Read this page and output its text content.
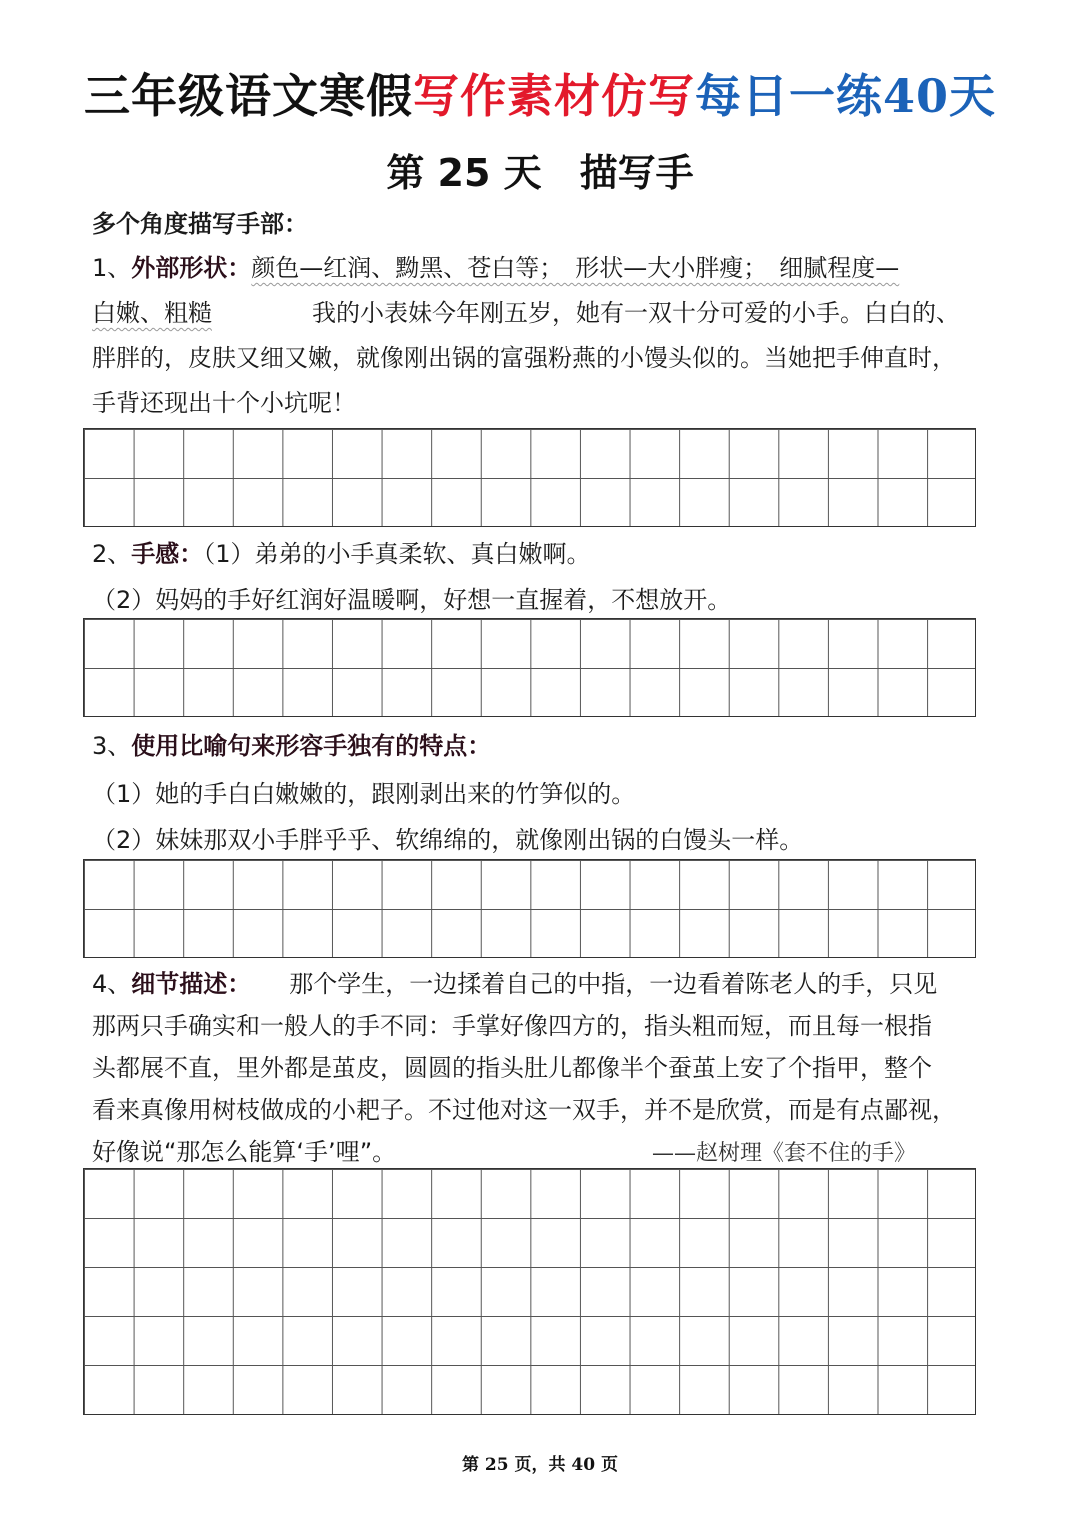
三年级语文寒假写作素材仿写每日一练40天
第 25 天 描写手
多个角度描写手部：
1、外部形状：颜色—红润、黝黑、苍白等；　形状—大小胖瘦；　细腻程度—
白嫩、粗糙	我的小表妹今年刚五岁，她有一双十分可爱的小手。白白的、
胖胖的，皮肤又细又嫩，就像刚出锅的富强粉燕的小馒头似的。当她把手伸直时，
手背还现出十个小坑呢！
2、手感：（1）弟弟的小手真柔软、真白嫩啊。
（2）妈妈的手好红润好温暖啊，好想一直握着，不想放开。
3、使用比喻句来形容手独有的特点：
（1）她的手白白嫩嫩的，跟刚剥出来的竹笋似的。
（2）妹妹那双小手胖乎乎、软绵绵的，就像刚出锅的白馒头一样。
4、细节描述： 那个学生，一边揉着自己的中指，一边看着陈老人的手，只见
那两只手确实和一般人的手不同：手掌好像四方的，指头粗而短，而且每一根指
头都展不直，里外都是茧皮，圆圆的指头肚儿都像半个蚕茧上安了个指甲，整个
看来真像用树枝做成的小耙子。不过他对这一双手，并不是欣赏，而是有点鄙视，
好像说“那怎么能算‘手’哩”。	——赵树理《套不住的手》
第 25 页，共 40 页
